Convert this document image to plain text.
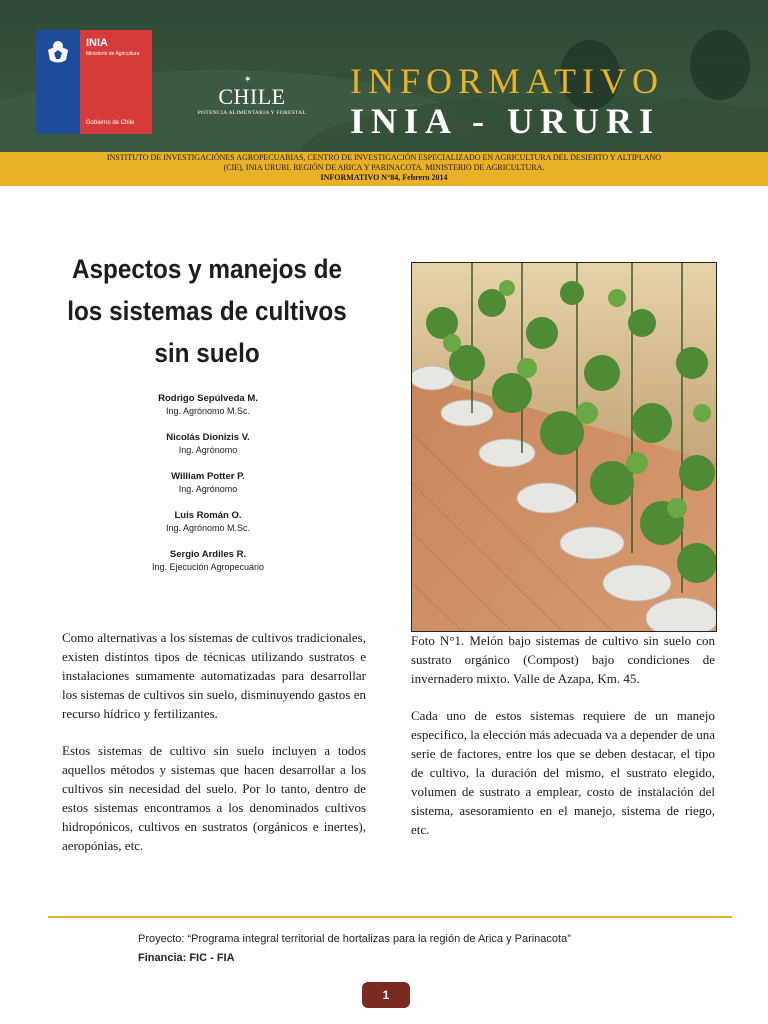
INIA
Ministerio de Agricultura
Gobierno de Chile
✶
CHILE
POTENCIA ALIMENTARIA Y FORESTAL
INFORMATIVO
INIA - URURI
INSTITUTO DE INVESTIGACIÓNES AGROPECUARIAS, CENTRO DE INVESTIGACIÓN ESPECIALIZADO EN AGRICULTURA DEL DESIERTO Y ALTIPLANO
(CIE), INIA URURI. REGIÓN DE ARICA Y PARINACOTA. MINISTERIO DE AGRICULTURA.
INFORMATIVO N°84, Febrero 2014
Aspectos y manejos de los sistemas de cultivos sin suelo
Rodrigo Sepúlveda M.
Ing. Agrónomo M.Sc.
Nicolás Dionizis V.
Ing. Agrónomo
William Potter P.
Ing. Agrónomo
Luis Román O.
Ing. Agrónomo M.Sc.
Sergio Ardiles R.
Ing. Ejecución Agropecuario

Como alternativas a los sistemas de cultivos tradicionales, existen distintos tipos de técnicas utilizando sustratos e instalaciones sumamente automatizadas para desarrollar los sistemas de cultivos sin suelo, disminuyendo gastos en recurso hídrico y fertilizantes.

Estos sistemas de cultivo sin suelo incluyen a todos aquellos métodos y sistemas que hacen desarrollar a los cultivos sin necesidad del suelo. Por lo tanto, dentro de estos sistemas encontramos a los denominados cultivos hidropónicos, cultivos en sustratos (orgánicos e inertes), aeropónias, etc.

Foto N°1. Melón bajo sistemas de cultivo sin suelo con sustrato orgánico (Compost) bajo condiciones de invernadero mixto. Valle de Azapa, Km. 45.

Cada uno de estos sistemas requiere de un manejo especifico, la elección más adecuada va a depender de una serie de factores, entre los que se deben destacar, el tipo de cultivo, la duración del mismo, el sustrato elegido, volumen de sustrato a emplear, costo de instalación del sistema, asesoramiento en el manejo, sistema de riego, etc.

Proyecto: “Programa integral territorial de hortalizas para la región de Arica y Parinacota”
Financia: FIC - FIA
1
